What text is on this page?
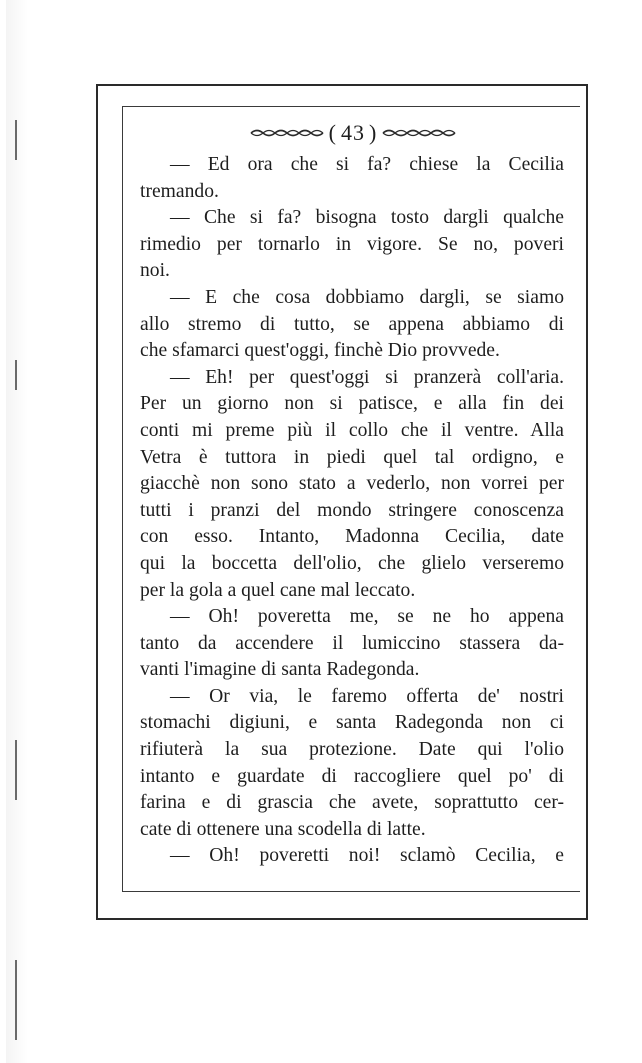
( 43 )
— Ed ora che si fa? chiese la Cecilia
tremando.
— Che si fa? bisogna tosto dargli qualche
rimedio per tornarlo in vigore. Se no, poveri
noi.
— E che cosa dobbiamo dargli, se siamo
allo stremo di tutto, se appena abbiamo di
che sfamarci quest'oggi, finchè Dio provvede.
— Eh! per quest'oggi si pranzerà coll'aria.
Per un giorno non si patisce, e alla fin dei
conti mi preme più il collo che il ventre. Alla
Vetra è tuttora in piedi quel tal ordigno, e
giacchè non sono stato a vederlo, non vorrei per
tutti i pranzi del mondo stringere conoscenza
con esso. Intanto, Madonna Cecilia, date
qui la boccetta dell'olio, che glielo verseremo
per la gola a quel cane mal leccato.
— Oh! poveretta me, se ne ho appena
tanto da accendere il lumiccino stassera da-
vanti l'imagine di santa Radegonda.
— Or via, le faremo offerta de' nostri
stomachi digiuni, e santa Radegonda non ci
rifiuterà la sua protezione. Date qui l'olio
intanto e guardate di raccogliere quel po' di
farina e di grascia che avete, soprattutto cer-
cate di ottenere una scodella di latte.
— Oh! poveretti noi! sclamò Cecilia, e
